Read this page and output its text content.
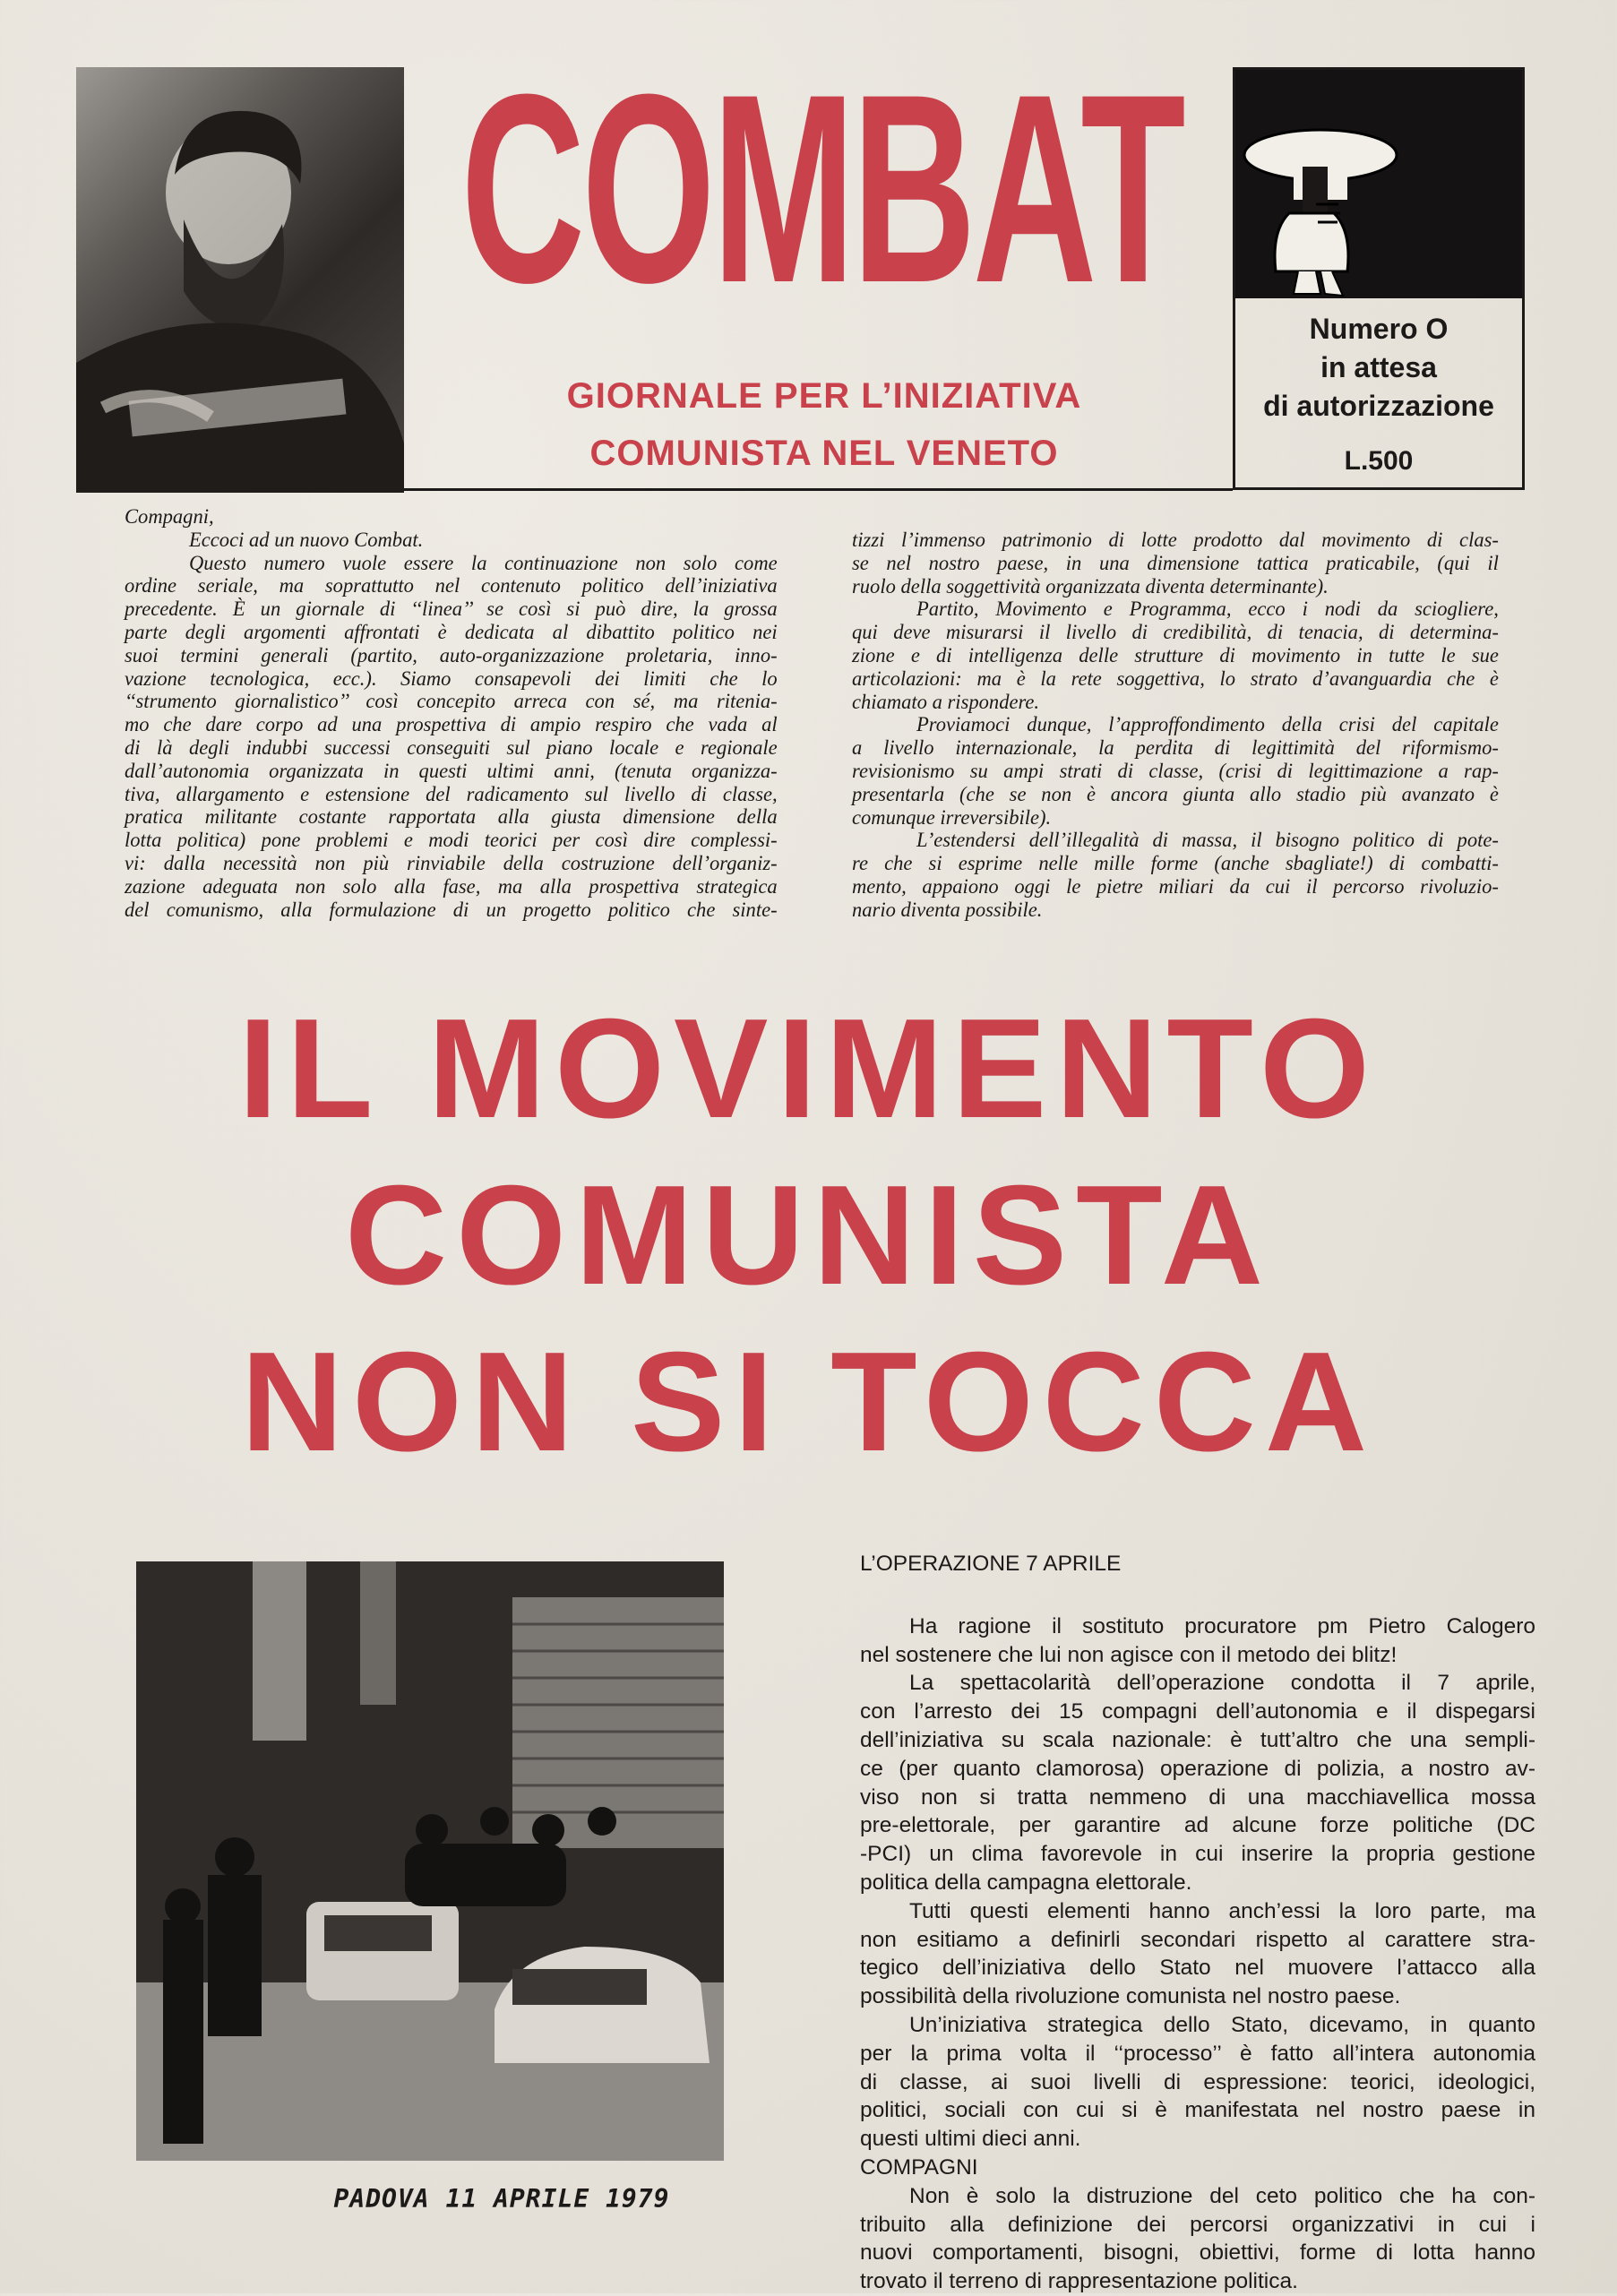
COMBAT
GIORNALE PER L’INIZIATIVA
COMUNISTA NEL VENETO
Numero O
in attesa
di autorizzazione
L.500
Compagni,
Eccoci ad un nuovo Combat.
Questo numero vuole essere la continuazione non solo come
ordine seriale, ma soprattutto nel contenuto politico dell’iniziativa
precedente. È un giornale di ‘‘linea’’ se così si può dire, la grossa
parte degli argomenti affrontati è dedicata al dibattito politico nei
suoi termini generali (partito, auto-organizzazione proletaria, inno-
vazione tecnologica, ecc.). Siamo consapevoli dei limiti che lo
‘‘strumento giornalistico’’ così concepito arreca con sé, ma ritenia-
mo che dare corpo ad una prospettiva di ampio respiro che vada al
di là degli indubbi successi conseguiti sul piano locale e regionale
dall’autonomia organizzata in questi ultimi anni, (tenuta organizza-
tiva, allargamento e estensione del radicamento sul livello di classe,
pratica militante costante rapportata alla giusta dimensione della
lotta politica) pone problemi e modi teorici per così dire complessi-
vi: dalla necessità non più rinviabile della costruzione dell’organiz-
zazione adeguata non solo alla fase, ma alla prospettiva strategica
del comunismo, alla formulazione di un progetto politico che sinte-
tizzi l’immenso patrimonio di lotte prodotto dal movimento di clas-
se nel nostro paese, in una dimensione tattica praticabile, (qui il
ruolo della soggettività organizzata diventa determinante).
Partito, Movimento e Programma, ecco i nodi da sciogliere,
qui deve misurarsi il livello di credibilità, di tenacia, di determina-
zione e di intelligenza delle strutture di movimento in tutte le sue
articolazioni: ma è la rete soggettiva, lo strato d’avanguardia che è
chiamato a rispondere.
Proviamoci dunque, l’approffondimento della crisi del capitale
a livello internazionale, la perdita di legittimità del riformismo-
revisionismo su ampi strati di classe, (crisi di legittimazione a rap-
presentarla (che se non è ancora giunta allo stadio più avanzato è
comunque irreversibile).
L’estendersi dell’illegalità di massa, il bisogno politico di pote-
re che si esprime nelle mille forme (anche sbagliate!) di combatti-
mento, appaiono oggi le pietre miliari da cui il percorso rivoluzio-
nario diventa possibile.
IL MOVIMENTO
COMUNISTA
NON SI TOCCA
PADOVA 11 APRILE 1979
L’OPERAZIONE 7 APRILE
Ha ragione il sostituto procuratore pm Pietro Calogero
nel sostenere che lui non agisce con il metodo dei blitz!
La spettacolarità dell’operazione condotta il 7 aprile,
con l’arresto dei 15 compagni dell’autonomia e il dispegarsi
dell’iniziativa su scala nazionale: è tutt’altro che una sempli-
ce (per quanto clamorosa) operazione di polizia, a nostro av-
viso non si tratta nemmeno di una macchiavellica mossa
pre-elettorale, per garantire ad alcune forze politiche (DC
-PCI) un clima favorevole in cui inserire la propria gestione
politica della campagna elettorale.
Tutti questi elementi hanno anch’essi la loro parte, ma
non esitiamo a definirli secondari rispetto al carattere stra-
tegico dell’iniziativa dello Stato nel muovere l’attacco alla
possibilità della rivoluzione comunista nel nostro paese.
Un’iniziativa strategica dello Stato, dicevamo, in quanto
per la prima volta il ‘‘processo’’ è fatto all’intera autonomia
di classe, ai suoi livelli di espressione: teorici, ideologici,
politici, sociali con cui si è manifestata nel nostro paese in
questi ultimi dieci anni.
COMPAGNI
Non è solo la distruzione del ceto politico che ha con-
tribuito alla definizione dei percorsi organizzativi in cui i
nuovi comportamenti, bisogni, obiettivi, forme di lotta hanno
trovato il terreno di rappresentazione politica.
